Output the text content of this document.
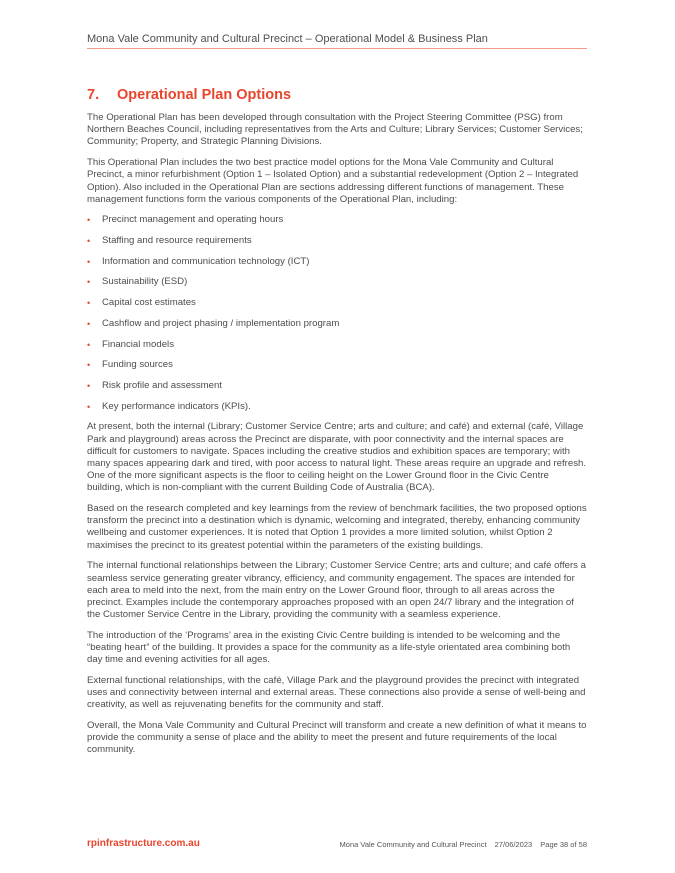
Mona Vale Community and Cultural Precinct – Operational Model & Business Plan
7.	Operational Plan Options

The Operational Plan has been developed through consultation with the Project Steering Committee (PSG) from Northern Beaches Council, including representatives from the Arts and Culture; Library Services; Customer Services; Community; Property, and Strategic Planning Divisions.

This Operational Plan includes the two best practice model options for the Mona Vale Community and Cultural Precinct, a minor refurbishment (Option 1 – Isolated Option) and a substantial redevelopment (Option 2 – Integrated Option). Also included in the Operational Plan are sections addressing different functions of management. These management functions form the various components of the Operational Plan, including:

•	Precinct management and operating hours
•	Staffing and resource requirements
•	Information and communication technology (ICT)
•	Sustainability (ESD)
•	Capital cost estimates
•	Cashflow and project phasing / implementation program
•	Financial models
•	Funding sources
•	Risk profile and assessment
•	Key performance indicators (KPIs).

At present, both the internal (Library; Customer Service Centre; arts and culture; and café) and external (café, Village Park and playground) areas across the Precinct are disparate, with poor connectivity and the internal spaces are difficult for customers to navigate. Spaces including the creative studios and exhibition spaces are temporary; with many spaces appearing dark and tired, with poor access to natural light. These areas require an upgrade and refresh. One of the more significant aspects is the floor to ceiling height on the Lower Ground floor in the Civic Centre building, which is non-compliant with the current Building Code of Australia (BCA).

Based on the research completed and key learnings from the review of benchmark facilities, the two proposed options transform the precinct into a destination which is dynamic, welcoming and integrated, thereby, enhancing community wellbeing and customer experiences. It is noted that Option 1 provides a more limited solution, whilst Option 2 maximises the precinct to its greatest potential within the parameters of the existing buildings.

The internal functional relationships between the Library; Customer Service Centre; arts and culture; and café offers a seamless service generating greater vibrancy, efficiency, and community engagement. The spaces are intended for each area to meld into the next, from the main entry on the Lower Ground floor, through to all areas across the precinct. Examples include the contemporary approaches proposed with an open 24/7 library and the integration of the Customer Service Centre in the Library, providing the community with a seamless experience.

The introduction of the ‘Programs’ area in the existing Civic Centre building is intended to be welcoming and the “beating heart” of the building. It provides a space for the community as a life-style orientated area combining both day time and evening activities for all ages.

External functional relationships, with the café, Village Park and the playground provides the precinct with integrated uses and connectivity between internal and external areas. These connections also provide a sense of well-being and creativity, as well as rejuvenating benefits for the community and staff.

Overall, the Mona Vale Community and Cultural Precinct will transform and create a new definition of what it means to provide the community a sense of place and the ability to meet the present and future requirements of the local community.

rpinfrastructure.com.au	Mona Vale Community and Cultural Precinct 27/06/2023 Page 38 of 58
